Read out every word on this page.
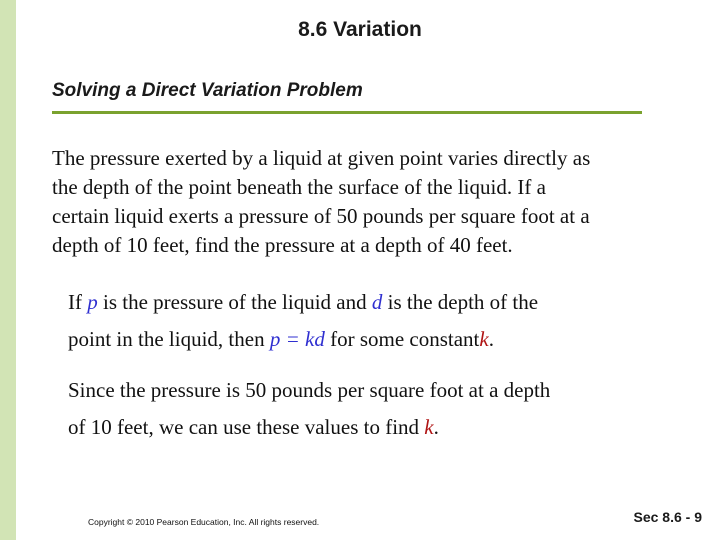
8.6 Variation
Solving a Direct Variation Problem
The pressure exerted by a liquid at given point varies directly as
the depth of the point beneath the surface of the liquid. If a
certain liquid exerts a pressure of 50 pounds per square foot at a
depth of 10 feet, find the pressure at a depth of 40 feet.
If p is the pressure of the liquid and d is the depth of the
point in the liquid, then p = kd for some constantk.
Since the pressure is 50 pounds per square foot at a depth
of 10 feet, we can use these values to find k.
Copyright © 2010 Pearson Education, Inc. All rights reserved.	Sec 8.6 - 9
